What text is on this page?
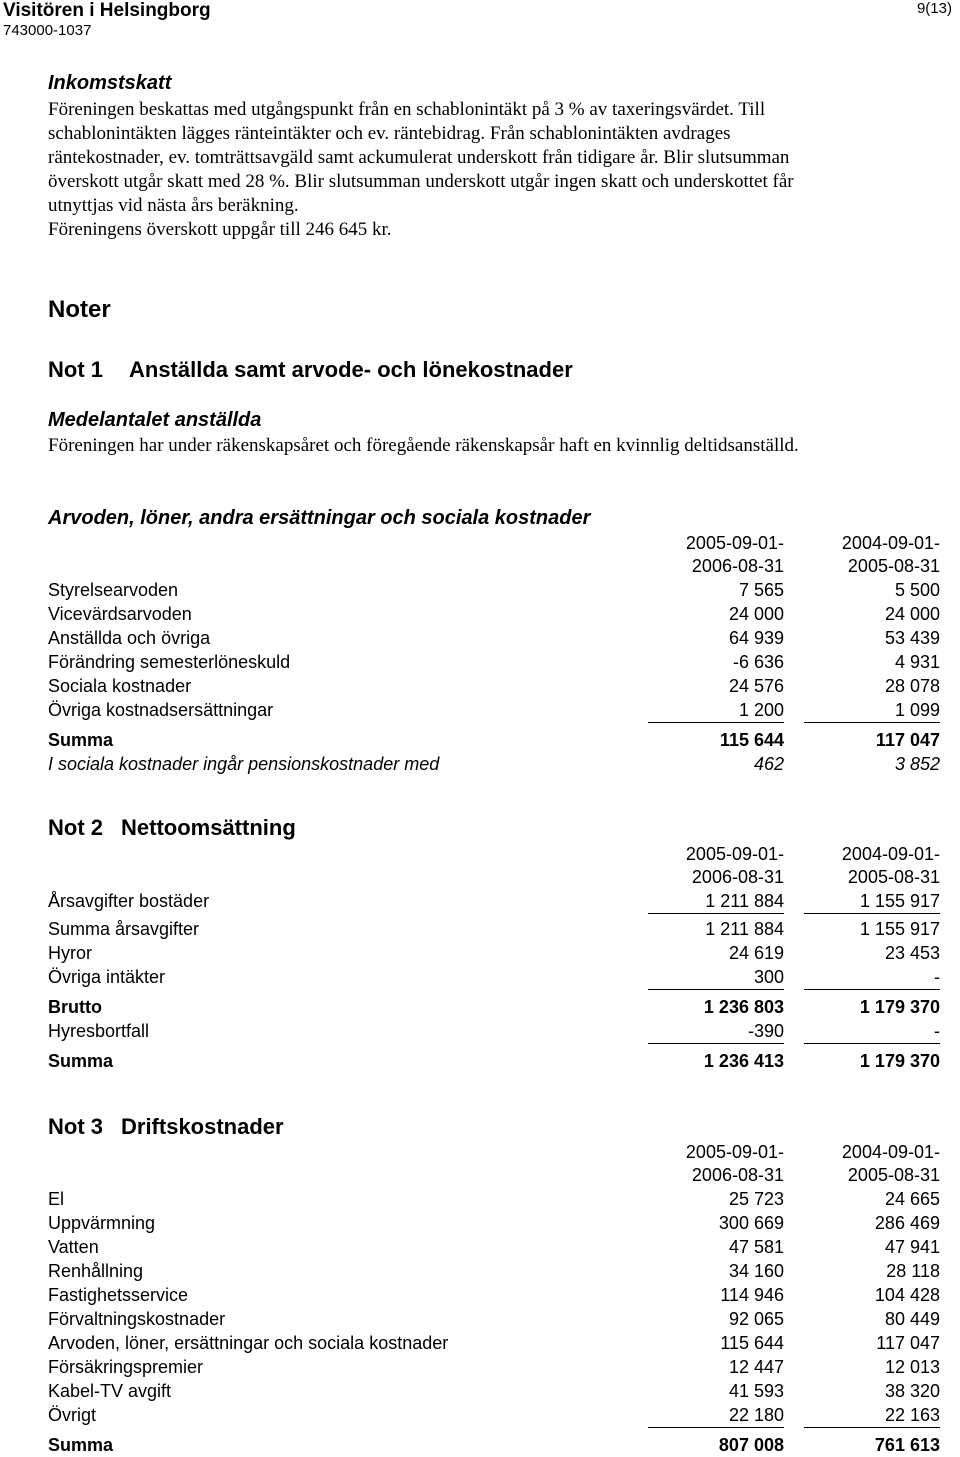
Visitören i Helsingborg
743000-1037
9(13)
Inkomstskatt

Föreningen beskattas med utgångspunkt från en schablonintäkt på 3 % av taxeringsvärdet. Till

schablonintäkten lägges ränteintäkter och ev. räntebidrag. Från schablonintäkten avdrages

räntekostnader, ev. tomträttsavgäld samt ackumulerat underskott från tidigare år. Blir slutsumman

överskott utgår skatt med 28 %. Blir slutsumman underskott utgår ingen skatt och underskottet får

utnyttjas vid nästa års beräkning.

Föreningens överskott uppgår till 246 645 kr.

Noter
Not 1 Anställda samt arvode- och lönekostnader
Medelantalet anställda
Föreningen har under räkenskapsåret och föregående räkenskapsår haft en kvinnlig deltidsanställd.
Arvoden, löner, andra ersättningar och sociala kostnader
2005-09-01-	2004-09-01-
2006-08-31	2005-08-31
Styrelsearvoden	7 565	5 500
Vicevärdsarvoden	24 000	24 000
Anställda och övriga	64 939	53 439
Förändring semesterlöneskuld	-6 636	4 931
Sociala kostnader	24 576	28 078
Övriga kostnadsersättningar	1 200	1 099
Summa	115 644	117 047
I sociala kostnader ingår pensionskostnader med	462	3 852
Not 2 Nettoomsättning
2005-09-01-	2004-09-01-
2006-08-31	2005-08-31
Årsavgifter bostäder	1 211 884	1 155 917
Summa årsavgifter	1 211 884	1 155 917
Hyror	24 619	23 453
Övriga intäkter	300	-
Brutto	1 236 803	1 179 370
Hyresbortfall	-390	-
Summa	1 236 413	1 179 370
Not 3 Driftskostnader
2005-09-01-	2004-09-01-
2006-08-31	2005-08-31
El	25 723	24 665
Uppvärmning	300 669	286 469
Vatten	47 581	47 941
Renhållning	34 160	28 118
Fastighetsservice	114 946	104 428
Förvaltningskostnader	92 065	80 449
Arvoden, löner, ersättningar och sociala kostnader	115 644	117 047
Försäkringspremier	12 447	12 013
Kabel-TV avgift	41 593	38 320
Övrigt	22 180	22 163
Summa	807 008	761 613
